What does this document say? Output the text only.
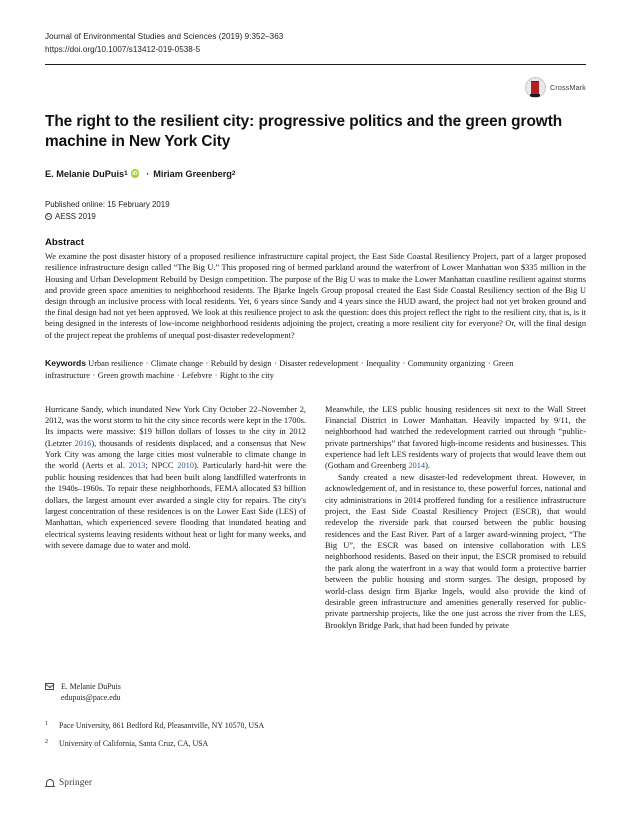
Journal of Environmental Studies and Sciences (2019) 9:352–363
https://doi.org/10.1007/s13412-019-0538-5
CrossMark
The right to the resilient city: progressive politics and the green growth machine in New York City
E. Melanie DuPuis 1 iD · Miriam Greenberg 2
Published online: 15 February 2019
C AESS 2019
Abstract
We examine the post disaster history of a proposed resilience infrastructure capital project, the East Side Coastal Resiliency Project, part of a larger proposed resilience infrastructure design called “The Big U.” This proposed ring of bermed parkland around the waterfront of Lower Manhattan won $335 million in the Housing and Urban Development Rebuild by Design competition. The purpose of the Big U was to make the Lower Manhattan coastline resilient against storms and provide green space amenities to neighborhood residents. The Bjarke Ingels Group proposal created the East Side Coastal Resiliency section of the Big U design through an inclusive process with local residents. Yet, 6 years since Sandy and 4 years since the HUD award, the project had not yet broken ground and the final design had not yet been approved. We look at this resilience project to ask the question: does this project reflect the right to the resilient city, that is, is it being designed in the interests of low-income neighborhood residents adjoining the project, creating a more resilient city for everyone? Or, will the final design of the project repeat the problems of unequal post-disaster redevelopment?
Keywords Urban resilience · Climate change · Rebuild by design · Disaster redevelopment · Inequality · Community organizing · Green infrastructure · Green growth machine · Lefebvre · Right to the city

Hurricane Sandy, which inundated New York City October 22–November 2, 2012, was the worst storm to hit the city since records were kept in the 1700s. Its impacts were massive: $19 billon dollars of losses to the city in 2012 (Letzter 2016), thousands of residents displaced, and a consensus that New York City was among the large cities most vulnerable to climate change in the world (Aerts et al. 2013; NPCC 2010). Particularly hard-hit were the public housing residences that had been built along landfilled waterfronts in the 1940s–1960s. To repair these neighborhoods, FEMA allocated $3 billion dollars, the largest amount ever awarded a single city for repairs. The city's largest concentration of these residences is on the Lower East Side (LES) of Manhattan, which experienced severe flooding that inundated heating and electrical systems leaving residents without heat or light for many weeks, and with severe damage due to water and mold.

Meanwhile, the LES public housing residences sit next to the Wall Street Financial District in Lower Manhattan. Heavily impacted by 9/11, the neighborhood had watched the redevelopment carried out through “public-private partnerships” that favored high-income residents and businesses. This experience had left LES residents wary of projects that would leave them out (Gotham and Greenberg 2014).

Sandy created a new disaster-led redevelopment threat. However, in acknowledgement of, and in resistance to, these powerful forces, national and city administrations in 2014 proffered funding for a resilience infrastructure project, the East Side Coastal Resiliency Project (ESCR), that would redevelop the riverside park that coursed between the public housing residences and the East River. Part of a larger award-winning project, “The Big U”, the ESCR was based on intensive collaboration with LES neighborhood residents. Based on their input, the ESCR promised to rebuild the park along the waterfront in a way that would form a protective barrier between the public housing and storm surges. The design, proposed by world-class design firm Bjarke Ingels, would also provide the kind of desirable green infrastructure and amenities generally reserved for public-private partnership projects, like the one just across the river from the LES, Brooklyn Bridge Park, that had been funded by private

E. Melanie DuPuis
edupuis@pace.edu
1	Pace University, 861 Bedford Rd, Pleasantville, NY 10570, USA
2	University of California, Santa Cruz, CA, USA
Springer
